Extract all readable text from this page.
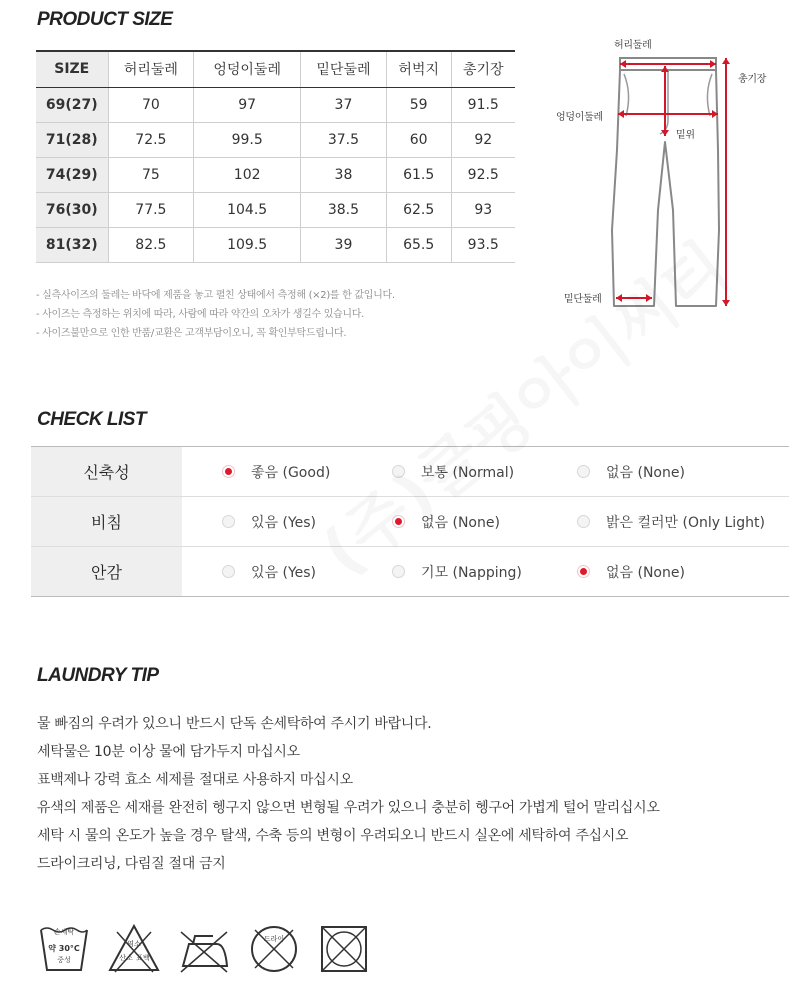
PRODUCT SIZE
SIZE	허리둘레	엉덩이둘레	밑단둘레	허벅지	총기장
69(27)	70	97	37	59	91.5
71(28)	72.5	99.5	37.5	60	92
74(29)	75	102	38	61.5	92.5
76(30)	77.5	104.5	38.5	62.5	93
81(32)	82.5	109.5	39	65.5	93.5
- 실측사이즈의 둘레는 바닥에 제품을 놓고 펼친 상태에서 측정해 (×2)를 한 값입니다.
- 사이즈는 측정하는 위치에 따라, 사람에 따라 약간의 오차가 생길수 있습니다.
- 사이즈불만으로 인한 반품/교환은 고객부담이오니, 꼭 확인부탁드립니다.
허리둘레
총기장
엉덩이둘레
밑위
밑단둘레
CHECK LIST
신축성	좋음 (Good)	보통 (Normal)	없음 (None)
비침	있음 (Yes)	없음 (None)	밝은 컬러만 (Only Light)
안감	있음 (Yes)	기모 (Napping)	없음 (None)
LAUNDRY TIP
물 빠짐의 우려가 있으니 반드시 단독 손세탁하여 주시기 바랍니다.
세탁물은 10분 이상 물에 담가두지 마십시오
표백제나 강력 효소 세제를 절대로 사용하지 마십시오
유색의 제품은 세재를 완전히 헹구지 않으면 변형될 우려가 있으니 충분히 헹구어 가볍게 털어 말리십시오
세탁 시 물의 온도가 높을 경우 탈색, 수축 등의 변형이 우려되오니 반드시 실온에 세탁하여 주십시오
드라이크리닝, 다림질 절대 금지
손세탁
약 30°C
중성
염소
산소 표백
드라이
